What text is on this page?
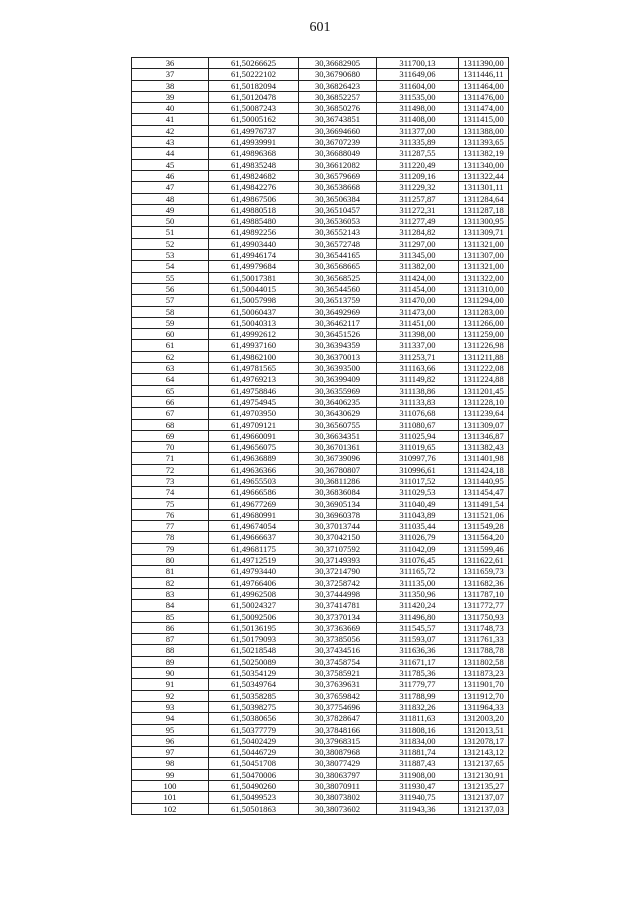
601
36	61,50266625	30,36682905	311700,13	1311390,00
37	61,50222102	30,36790680	311649,06	1311446,11
38	61,50182094	30,36826423	311604,00	1311464,00
39	61,50120478	30,36852257	311535,00	1311476,00
40	61,50087243	30,36850276	311498,00	1311474,00
41	61,50005162	30,36743851	311408,00	1311415,00
42	61,49976737	30,36694660	311377,00	1311388,00
43	61,49939991	30,36707239	311335,89	1311393,65
44	61,49896368	30,36688049	311287,55	1311382,19
45	61,49835248	30,36612082	311220,49	1311340,00
46	61,49824682	30,36579669	311209,16	1311322,44
47	61,49842276	30,36538668	311229,32	1311301,11
48	61,49867506	30,36506384	311257,87	1311284,64
49	61,49880518	30,36510457	311272,31	1311287,18
50	61,49885480	30,36536053	311277,49	1311300,95
51	61,49892256	30,36552143	311284,82	1311309,71
52	61,49903440	30,36572748	311297,00	1311321,00
53	61,49946174	30,36544165	311345,00	1311307,00
54	61,49979684	30,36568665	311382,00	1311321,00
55	61,50017381	30,36568525	311424,00	1311322,00
56	61,50044015	30,36544560	311454,00	1311310,00
57	61,50057998	30,36513759	311470,00	1311294,00
58	61,50060437	30,36492969	311473,00	1311283,00
59	61,50040313	30,36462117	311451,00	1311266,00
60	61,49992612	30,36451526	311398,00	1311259,00
61	61,49937160	30,36394359	311337,00	1311226,98
62	61,49862100	30,36370013	311253,71	1311211,88
63	61,49781565	30,36393500	311163,66	1311222,08
64	61,49769213	30,36399409	311149,82	1311224,88
65	61,49758846	30,36355969	311138,86	1311201,45
66	61,49754945	30,36406235	311133,83	1311228,10
67	61,49703950	30,36430629	311076,68	1311239,64
68	61,49709121	30,36560755	311080,67	1311309,07
69	61,49660091	30,36634351	311025,94	1311346,87
70	61,49656075	30,36701361	311019,65	1311382,43
71	61,49636889	30,36739096	310997,76	1311401,98
72	61,49636366	30,36780807	310996,61	1311424,18
73	61,49655503	30,36811286	311017,52	1311440,95
74	61,49666586	30,36836084	311029,53	1311454,47
75	61,49677269	30,36905134	311040,49	1311491,54
76	61,49680991	30,36960378	311043,89	1311521,06
77	61,49674054	30,37013744	311035,44	1311549,28
78	61,49666637	30,37042150	311026,79	1311564,20
79	61,49681175	30,37107592	311042,09	1311599,46
80	61,49712519	30,37149393	311076,45	1311622,61
81	61,49793440	30,37214790	311165,72	1311659,73
82	61,49766406	30,37258742	311135,00	1311682,36
83	61,49962508	30,37444998	311350,96	1311787,10
84	61,50024327	30,37414781	311420,24	1311772,77
85	61,50092506	30,37370134	311496,80	1311750,93
86	61,50136195	30,37363669	311545,57	1311748,73
87	61,50179093	30,37385056	311593,07	1311761,33
88	61,50218548	30,37434516	311636,36	1311788,78
89	61,50250089	30,37458754	311671,17	1311802,58
90	61,50354129	30,37585921	311785,36	1311873,23
91	61,50349764	30,37639631	311779,77	1311901,70
92	61,50358285	30,37659842	311788,99	1311912,70
93	61,50398275	30,37754696	311832,26	1311964,33
94	61,50380656	30,37828647	311811,63	1312003,20
95	61,50377779	30,37848166	311808,16	1312013,51
96	61,50402429	30,37968315	311834,00	1312078,17
97	61,50446729	30,38087968	311881,74	1312143,12
98	61,50451708	30,38077429	311887,43	1312137,65
99	61,50470006	30,38063797	311908,00	1312130,91
100	61,50490260	30,38070911	311930,47	1312135,27
101	61,50499523	30,38073802	311940,75	1312137,07
102	61,50501863	30,38073602	311943,36	1312137,03
